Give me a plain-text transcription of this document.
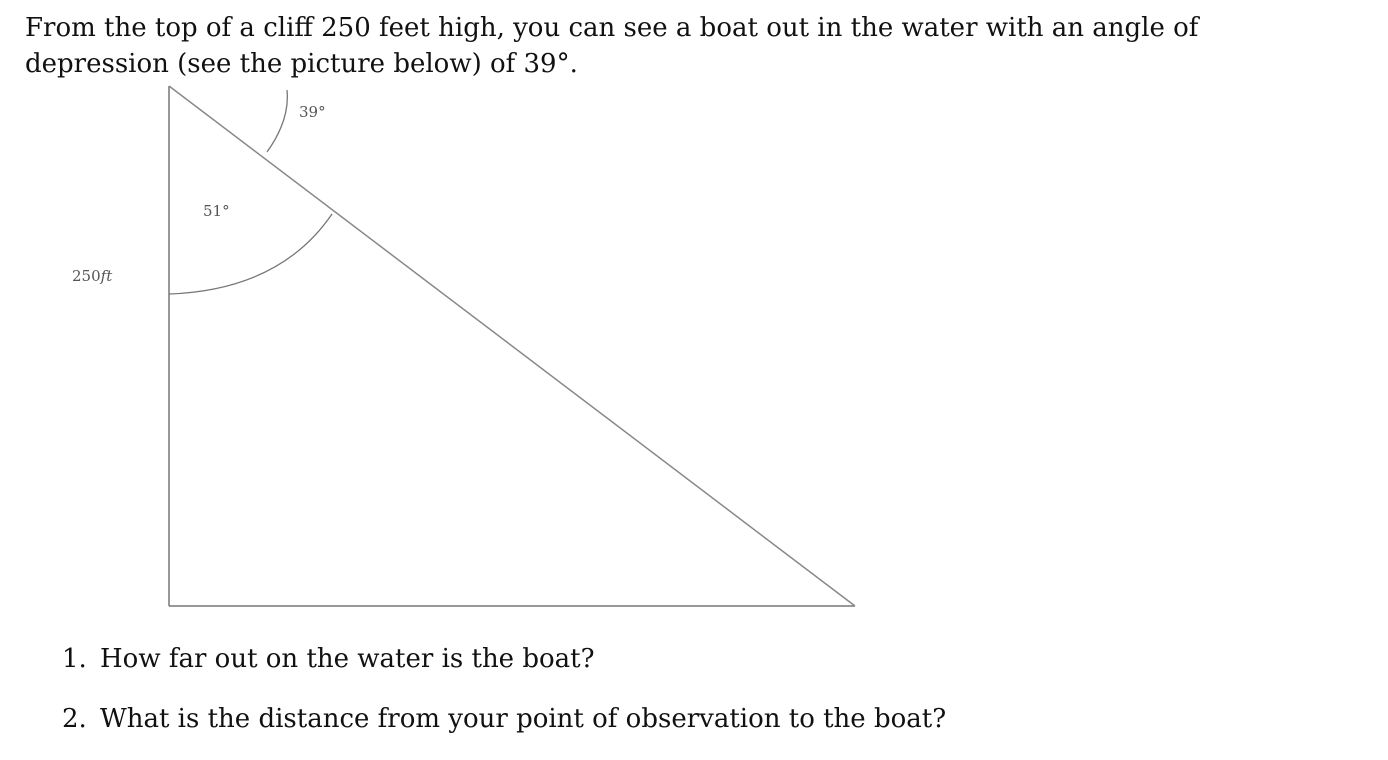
From the top of a cliff 250 feet high, you can see a boat out in the water with an angle of depression (see the picture below) of 39°.

39°
51°
250ft
1. How far out on the water is the boat?
2. What is the distance from your point of observation to the boat?
